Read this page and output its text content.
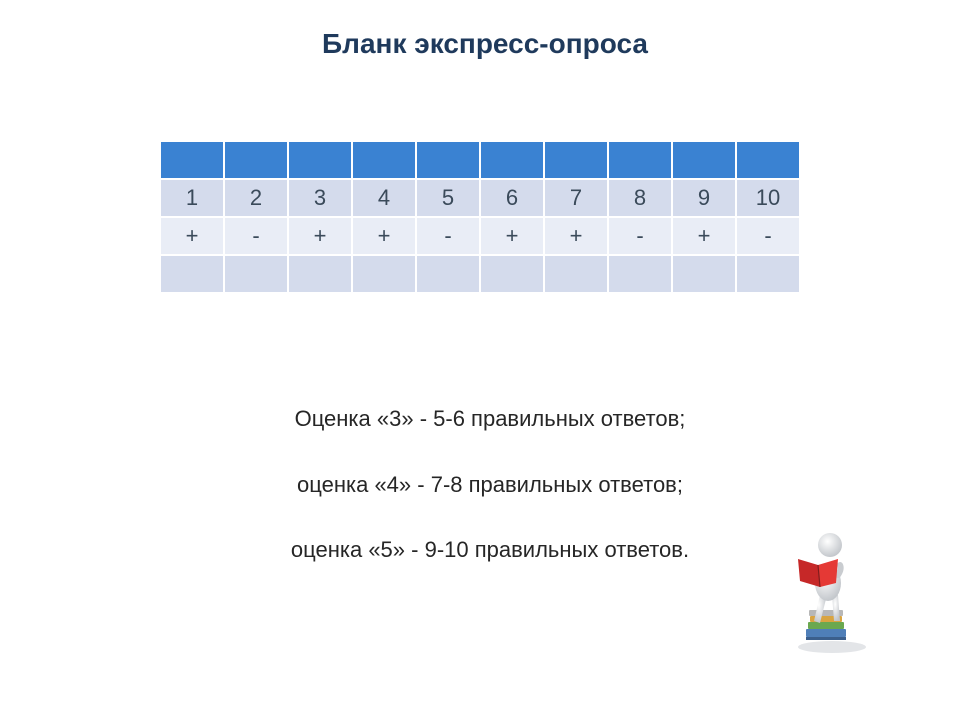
Бланк экспресс-опроса

1	2	3	4	5	6	7	8	9	10
+	-	+	+	-	+	+	-	+	-

Оценка «3» - 5-6 правильных ответов;
оценка «4» - 7-8 правильных ответов;
оценка «5» - 9-10 правильных ответов.
